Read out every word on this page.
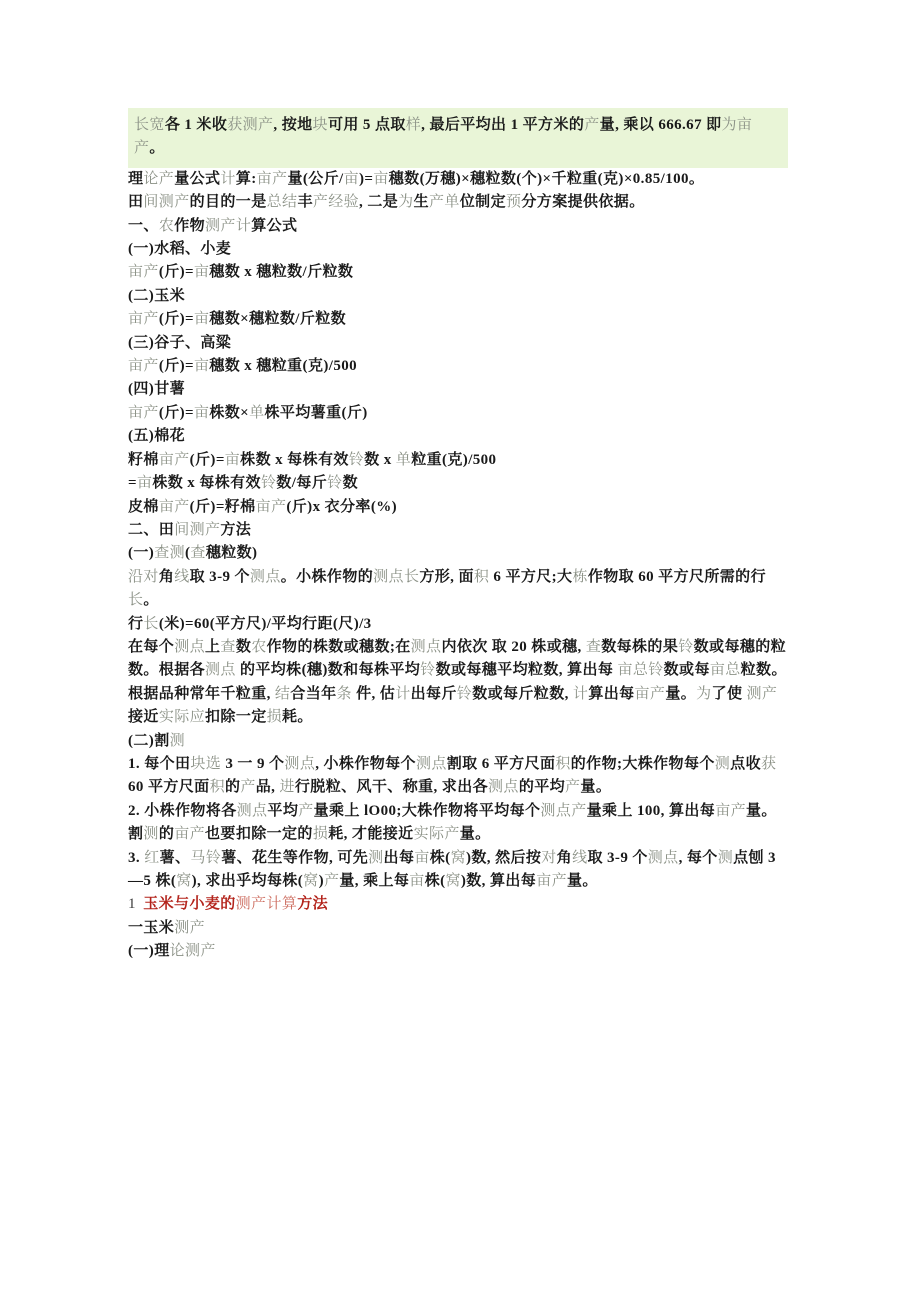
长宽各 1 米收获测产, 按地块可用 5 点取样, 最后平均出 1 平方米的产量, 乘以 666.67 即为亩产。

理论产量公式计算:亩产量(公斤/亩)=亩穗数(万穗)×穗粒数(个)×千粒重(克)×0.85/100。

田间测产的目的一是总结丰产经验, 二是为生产单位制定预分方案提供依据。

一、农作物测产计算公式

(一)水稻、小麦

亩产(斤)=亩穗数 x 穗粒数/斤粒数

(二)玉米

亩产(斤)=亩穗数×穗粒数/斤粒数

(三)谷子、高粱

亩产(斤)=亩穗数 x 穗粒重(克)/500

(四)甘薯

亩产(斤)=亩株数×单株平均薯重(斤)

(五)棉花

籽棉亩产(斤)=亩株数 x 每株有效铃数 x 单粒重(克)/500

=亩株数 x 每株有效铃数/每斤铃数

皮棉亩产(斤)=籽棉亩产(斤)x 衣分率(%)

二、田间测产方法

(一)查测(查穗粒数)

沿对角线取 3-9 个测点。小株作物的测点长方形, 面积 6 平方尺;大栋作物取 60 平方尺所需的行长。

行长(米)=60(平方尺)/平均行距(尺)/3

在每个测点上查数农作物的株数或穗数;在测点内依次 取 20 株或穗, 查数每株的果铃数或每穗的粒数。根据各测点 的平均株(穗)数和每株平均铃数或每穗平均粒数, 算出每 亩总铃数或每亩总粒数。根据品种常年千粒重, 结合当年条 件, 估计出每斤铃数或每斤粒数, 计算出每亩产量。为了使 测产接近实际应扣除一定损耗。

(二)割测

1. 每个田块选 3 一 9 个测点, 小株作物每个测点割取 6 平方尺面积的作物;大株作物每个测点收获 60 平方尺面积的产品, 进行脱粒、风干、称重, 求出各测点的平均产量。

2. 小株作物将各测点平均产量乘上 lO00;大株作物将平均每个测点产量乘上 100, 算出每亩产量。割测的亩产也要扣除一定的损耗, 才能接近实际产量。

3. 红薯、马铃薯、花生等作物, 可先测出每亩株(窝)数, 然后按对角线取 3-9 个测点, 每个测点刨 3—5 株(窝), 求出乎均每株(窝)产量, 乘上每亩株(窝)数, 算出每亩产量。

1 玉米与小麦的测产计算方法

一玉米测产

(一)理论测产
